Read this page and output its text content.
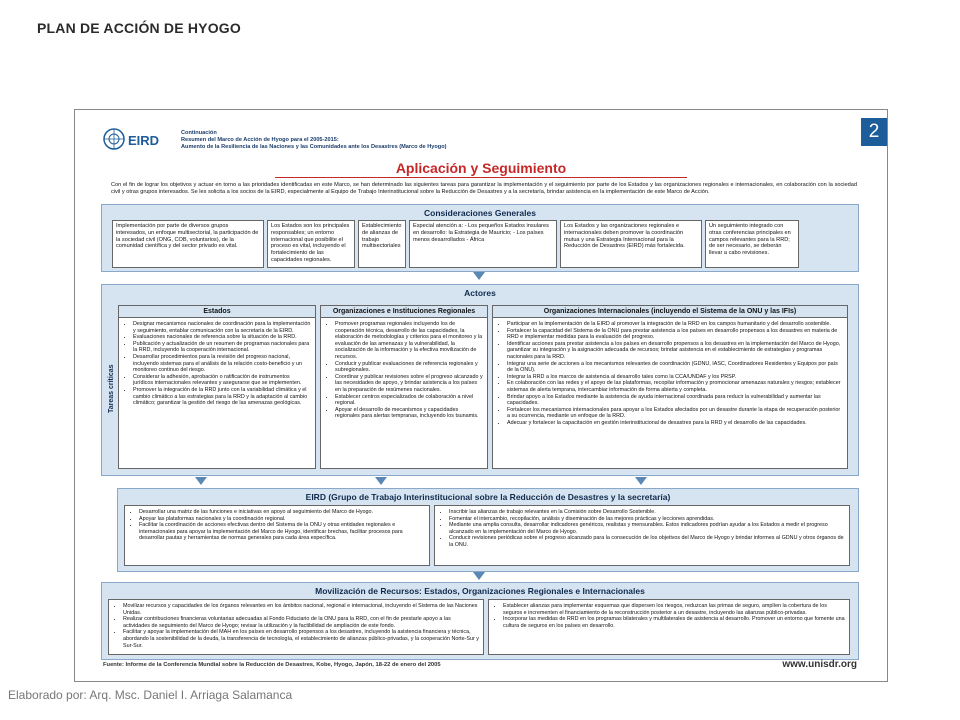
PLAN DE ACCIÓN DE HYOGO
2
EIRD	Continuación
Resumen del Marco de Acción de Hyogo para el 2005-2015:
Aumento de la Resiliencia de las Naciones y las Comunidades ante los Desastres (Marco de Hyogo)
Aplicación y Seguimiento
Con el fin de lograr los objetivos y actuar en torno a las prioridades identificadas en este Marco, se han determinado las siguientes tareas para garantizar la implementación y el seguimiento por parte de los Estados y las organizaciones regionales e internacionales, en colaboración con la sociedad civil y otras grupos interesados. Se les solicita a los socios de la EIRD, especialmente al Equipo de Trabajo Interinstitucional sobre la Reducción de Desastres y a la secretaría, brindar asistencia en la implementación de este Marco de Acción.
Consideraciones Generales
Implementación por parte de diversos grupos interesados, un enfoque multisectorial, la participación de la sociedad civil (ONG, COB, voluntarios), de la comunidad científica y del sector privado es vital.
Los Estados son los principales responsables; un entorno internacional que posibilite el proceso es vital, incluyendo el fortalecimiento de las capacidades regionales.
Establecimiento de alianzas de trabajo multisectoriales
Especial atención a: - Los pequeños Estados insulares en desarrollo: la Estrategia de Mauricio; - Los países menos desarrollados - África
Los Estados y las organizaciones regionales e internacionales deben promover la coordinación mutua y una Estrategia Internacional para la Reducción de Desastres (EIRD) más fortalecida.
Un seguimiento integrado con otras conferencias principales en campos relevantes para la RRD; de ser necesario, se deberán llevar a cabo revisiones.
Actores
Tareas críticas
Estados
• Designar mecanismos nacionales de coordinación para la implementación y seguimiento, entablar comunicación con la secretaría de la EIRD.
• Evaluaciones nacionales de referencia sobre la situación de la RRD.
• Publicación y actualización de un resumen de programas nacionales para la RRD, incluyendo la cooperación internacional.
• Desarrollar procedimientos para la revisión del progreso nacional, incluyendo sistemas para el análisis de la relación costo-beneficio y un monitoreo continuo del riesgo.
• Considerar la adhesión, aprobación o ratificación de instrumentos jurídicos internacionales relevantes y asegurarse que se implementen.
• Promover la integración de la RRD junto con la variabilidad climática y el cambio climático a las estrategias para la RRD y la adaptación al cambio climático; garantizar la gestión del riesgo de las amenazas geológicas.
Organizaciones e Instituciones Regionales
• Promover programas regionales incluyendo los de cooperación técnica, desarrollo de las capacidades, la elaboración de metodologías y criterios para el monitoreo y la evaluación de las amenazas y la vulnerabilidad, la socialización de la información y la efectiva movilización de recursos.
• Conducir y publicar evaluaciones de referencia regionales y subregionales.
• Coordinar y publicar revisiones sobre el progreso alcanzado y las necesidades de apoyo, y brindar asistencia a los países en la preparación de resúmenes nacionales.
• Establecer centros especializados de colaboración a nivel regional.
• Apoyar el desarrollo de mecanismos y capacidades regionales para alertas tempranas, incluyendo los tsunamis.
Organizaciones Internacionales (incluyendo el Sistema de la ONU y las IFIs)
• Participar en la implementación de la EIRD al promover la integración de la RRD en los campos humanitario y del desarrollo sostenible.
• Fortalecer la capacidad del Sistema de la ONU para prestar asistencia a los países en desarrollo propensos a los desastres en materia de RRD e implementar medidas para la evaluación del progreso.
• Identificar acciones para prestar asistencia a los países en desarrollo propensos a los desastres en la implementación del Marco de Hyogo, garantizar su integración y la asignación adecuada de recursos; brindar asistencia en el establecimiento de estrategias y programas nacionales para la RRD.
• Integrar una serie de acciones a los mecanismos relevantes de coordinación (GDNU, IASC, Coordinadores Residentes y Equipos por país de la ONU).
• Integrar la RRD a los marcos de asistencia al desarrollo tales como la CCA/UNDAF y los PRSP.
• En colaboración con las redes y el apoyo de las plataformas, recopilar información y promocionar amenazas naturales y riesgos; establecer sistemas de alerta temprana, intercambiar información de forma abierta y completa.
• Brindar apoyo a los Estados mediante la asistencia de ayuda internacional coordinada para reducir la vulnerabilidad y aumentar las capacidades.
• Fortalecer los mecanismos internacionales para apoyar a los Estados afectados por un desastre durante la etapa de recuperación posterior a su ocurrencia, mediante un enfoque de la RRD.
• Adecuar y fortalecer la capacitación en gestión interinstitucional de desastres para la RRD y el desarrollo de las capacidades.
EIRD (Grupo de Trabajo Interinstitucional sobre la Reducción de Desastres y la secretaría)
• Desarrollar una matriz de las funciones e iniciativas en apoyo al seguimiento del Marco de Hyogo.
• Apoyar las plataformas nacionales y la coordinación regional.
• Facilitar la coordinación de acciones efectivas dentro del Sistema de la ONU y otras entidades regionales e internacionales para apoyar la implementación del Marco de Hyogo, identificar brechas, facilitar procesos para desarrollar pautas y herramientas de normas generales para cada área específica.
• Inscribir las alianzas de trabajo relevantes en la Comisión sobre Desarrollo Sostenible.
• Fomentar el intercambio, recopilación, análisis y diseminación de las mejores prácticas y lecciones aprendidas.
• Mediante una amplia consulta, desarrollar indicadores genéricos, realistas y mensurables. Estos indicadores podrían ayudar a los Estados a medir el progreso alcanzado en la implementación del Marco de Hyogo.
• Conducir revisiones periódicas sobre el progreso alcanzado para la consecución de los objetivos del Marco de Hyogo y brindar informes al GDNU y otros órganos de la ONU.
Movilización de Recursos: Estados, Organizaciones Regionales e Internacionales
• Movilizar recursos y capacidades de los órganos relevantes en los ámbitos nacional, regional e internacional, incluyendo el Sistema de las Naciones Unidas.
• Realizar contribuciones financieras voluntarias adecuadas al Fondo Fiduciario de la ONU para la RRD, con el fin de prestarle apoyo a las actividades de seguimiento del Marco de Hyogo; revisar la utilización y la factibilidad de ampliación de este fondo.
• Facilitar y apoyar la implementación del MAH en los países en desarrollo propensos a los desastres, incluyendo la asistencia financiera y técnica, abordando la sostenibilidad de la deuda, la transferencia de tecnología, el establecimiento de alianzas público-privadas, y la cooperación Norte-Sur y Sur-Sur.
• Establecer alianzas para implementar esquemas que dispersen los riesgos, reduzcan las primas de seguro, amplíen la cobertura de los seguros e incrementen el financiamiento de la reconstrucción posterior a un desastre, incluyendo las alianzas público-privadas.
• Incorporar las medidas de RRD en los programas bilaterales y multilaterales de asistencia al desarrollo. Promover un entorno que fomente una cultura de seguros en los países en desarrollo.
Fuente: Informe de la Conferencia Mundial sobre la Reducción de Desastres, Kobe, Hyogo, Japón, 18-22 de enero del 2005	www.unisdr.org
Elaborado por: Arq. Msc. Daniel I. Arriaga Salamanca
